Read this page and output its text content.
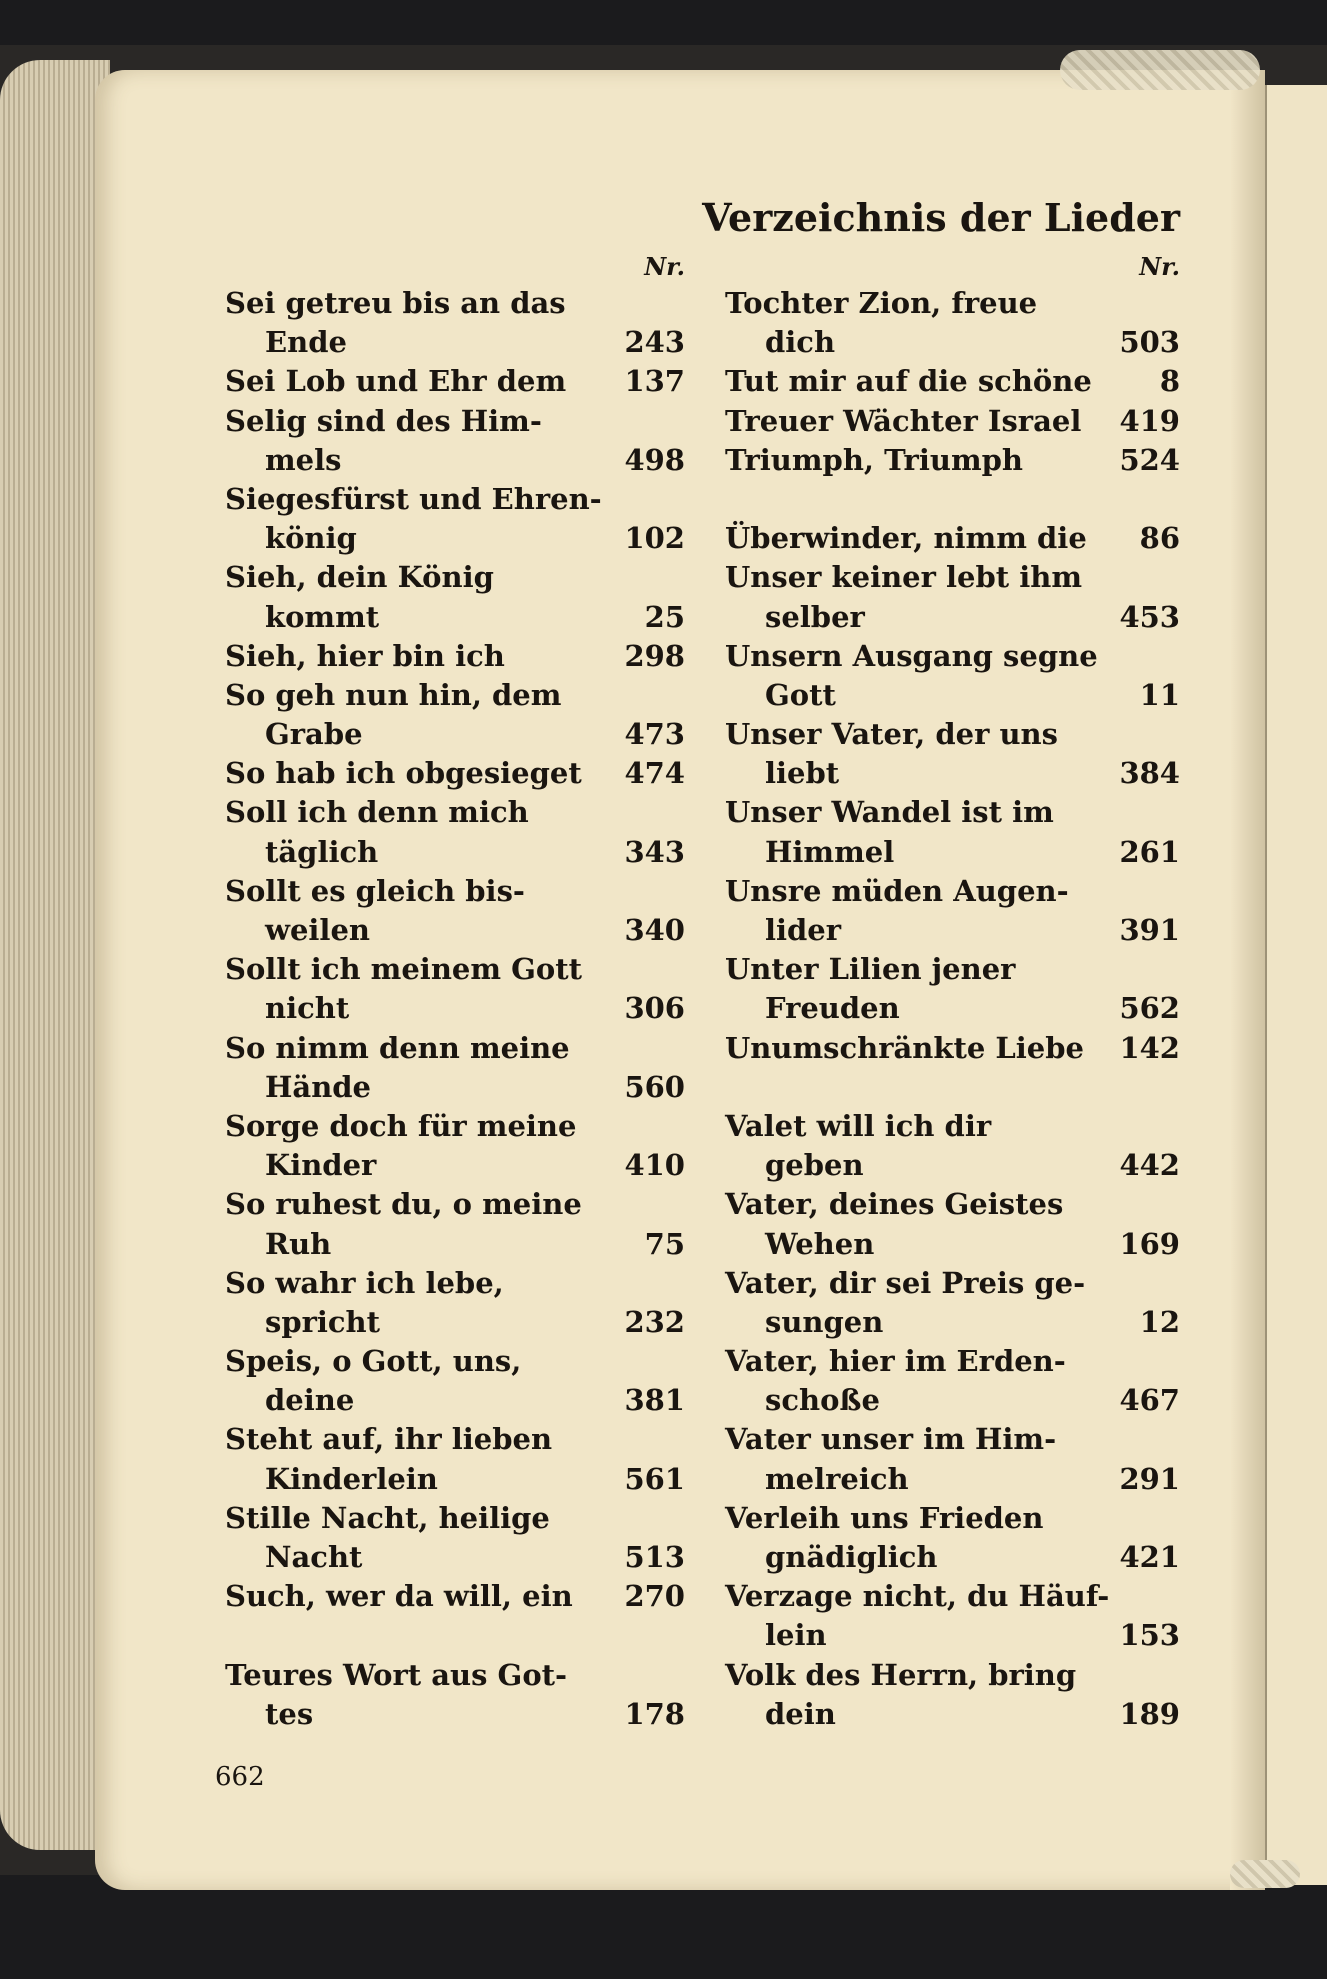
Verzeichnis der Lieder
Nr.
Sei getreu bis an das
Ende	243
Sei Lob und Ehr dem	137
Selig sind des Him-
mels	498
Siegesfürst und Ehren-
könig	102
Sieh, dein König
kommt	25
Sieh, hier bin ich	298
So geh nun hin, dem
Grabe	473
So hab ich obgesieget	474
Soll ich denn mich
täglich	343
Sollt es gleich bis-
weilen	340
Sollt ich meinem Gott
nicht	306
So nimm denn meine
Hände	560
Sorge doch für meine
Kinder	410
So ruhest du, o meine
Ruh	75
So wahr ich lebe,
spricht	232
Speis, o Gott, uns,
deine	381
Steht auf, ihr lieben
Kinderlein	561
Stille Nacht, heilige
Nacht	513
Such, wer da will, ein	270
Teures Wort aus Got-
tes	178
Nr.
Tochter Zion, freue
dich	503
Tut mir auf die schöne	8
Treuer Wächter Israel	419
Triumph, Triumph	524
Überwinder, nimm die	86
Unser keiner lebt ihm
selber	453
Unsern Ausgang segne
Gott	11
Unser Vater, der uns
liebt	384
Unser Wandel ist im
Himmel	261
Unsre müden Augen-
lider	391
Unter Lilien jener
Freuden	562
Unumschränkte Liebe	142
Valet will ich dir
geben	442
Vater, deines Geistes
Wehen	169
Vater, dir sei Preis ge-
sungen	12
Vater, hier im Erden-
schoße	467
Vater unser im Him-
melreich	291
Verleih uns Frieden
gnädiglich	421
Verzage nicht, du Häuf-
lein	153
Volk des Herrn, bring
dein	189
662
